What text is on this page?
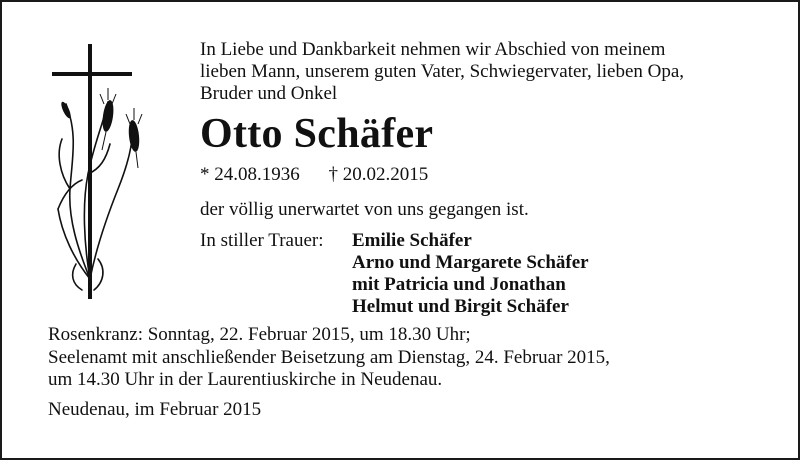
In Liebe und Dankbarkeit nehmen wir Abschied von meinem
lieben Mann, unserem guten Vater, Schwiegervater, lieben Opa,
Bruder und Onkel
Otto Schäfer
* 24.08.1936 † 20.02.2015
der völlig unerwartet von uns gegangen ist.
In stiller Trauer: Emilie Schäfer
Arno und Margarete Schäfer
mit Patricia und Jonathan
Helmut und Birgit Schäfer
Rosenkranz: Sonntag, 22. Februar 2015, um 18.30 Uhr;
Seelenamt mit anschließender Beisetzung am Dienstag, 24. Februar 2015,
um 14.30 Uhr in der Laurentiuskirche in Neudenau.
Neudenau, im Februar 2015
